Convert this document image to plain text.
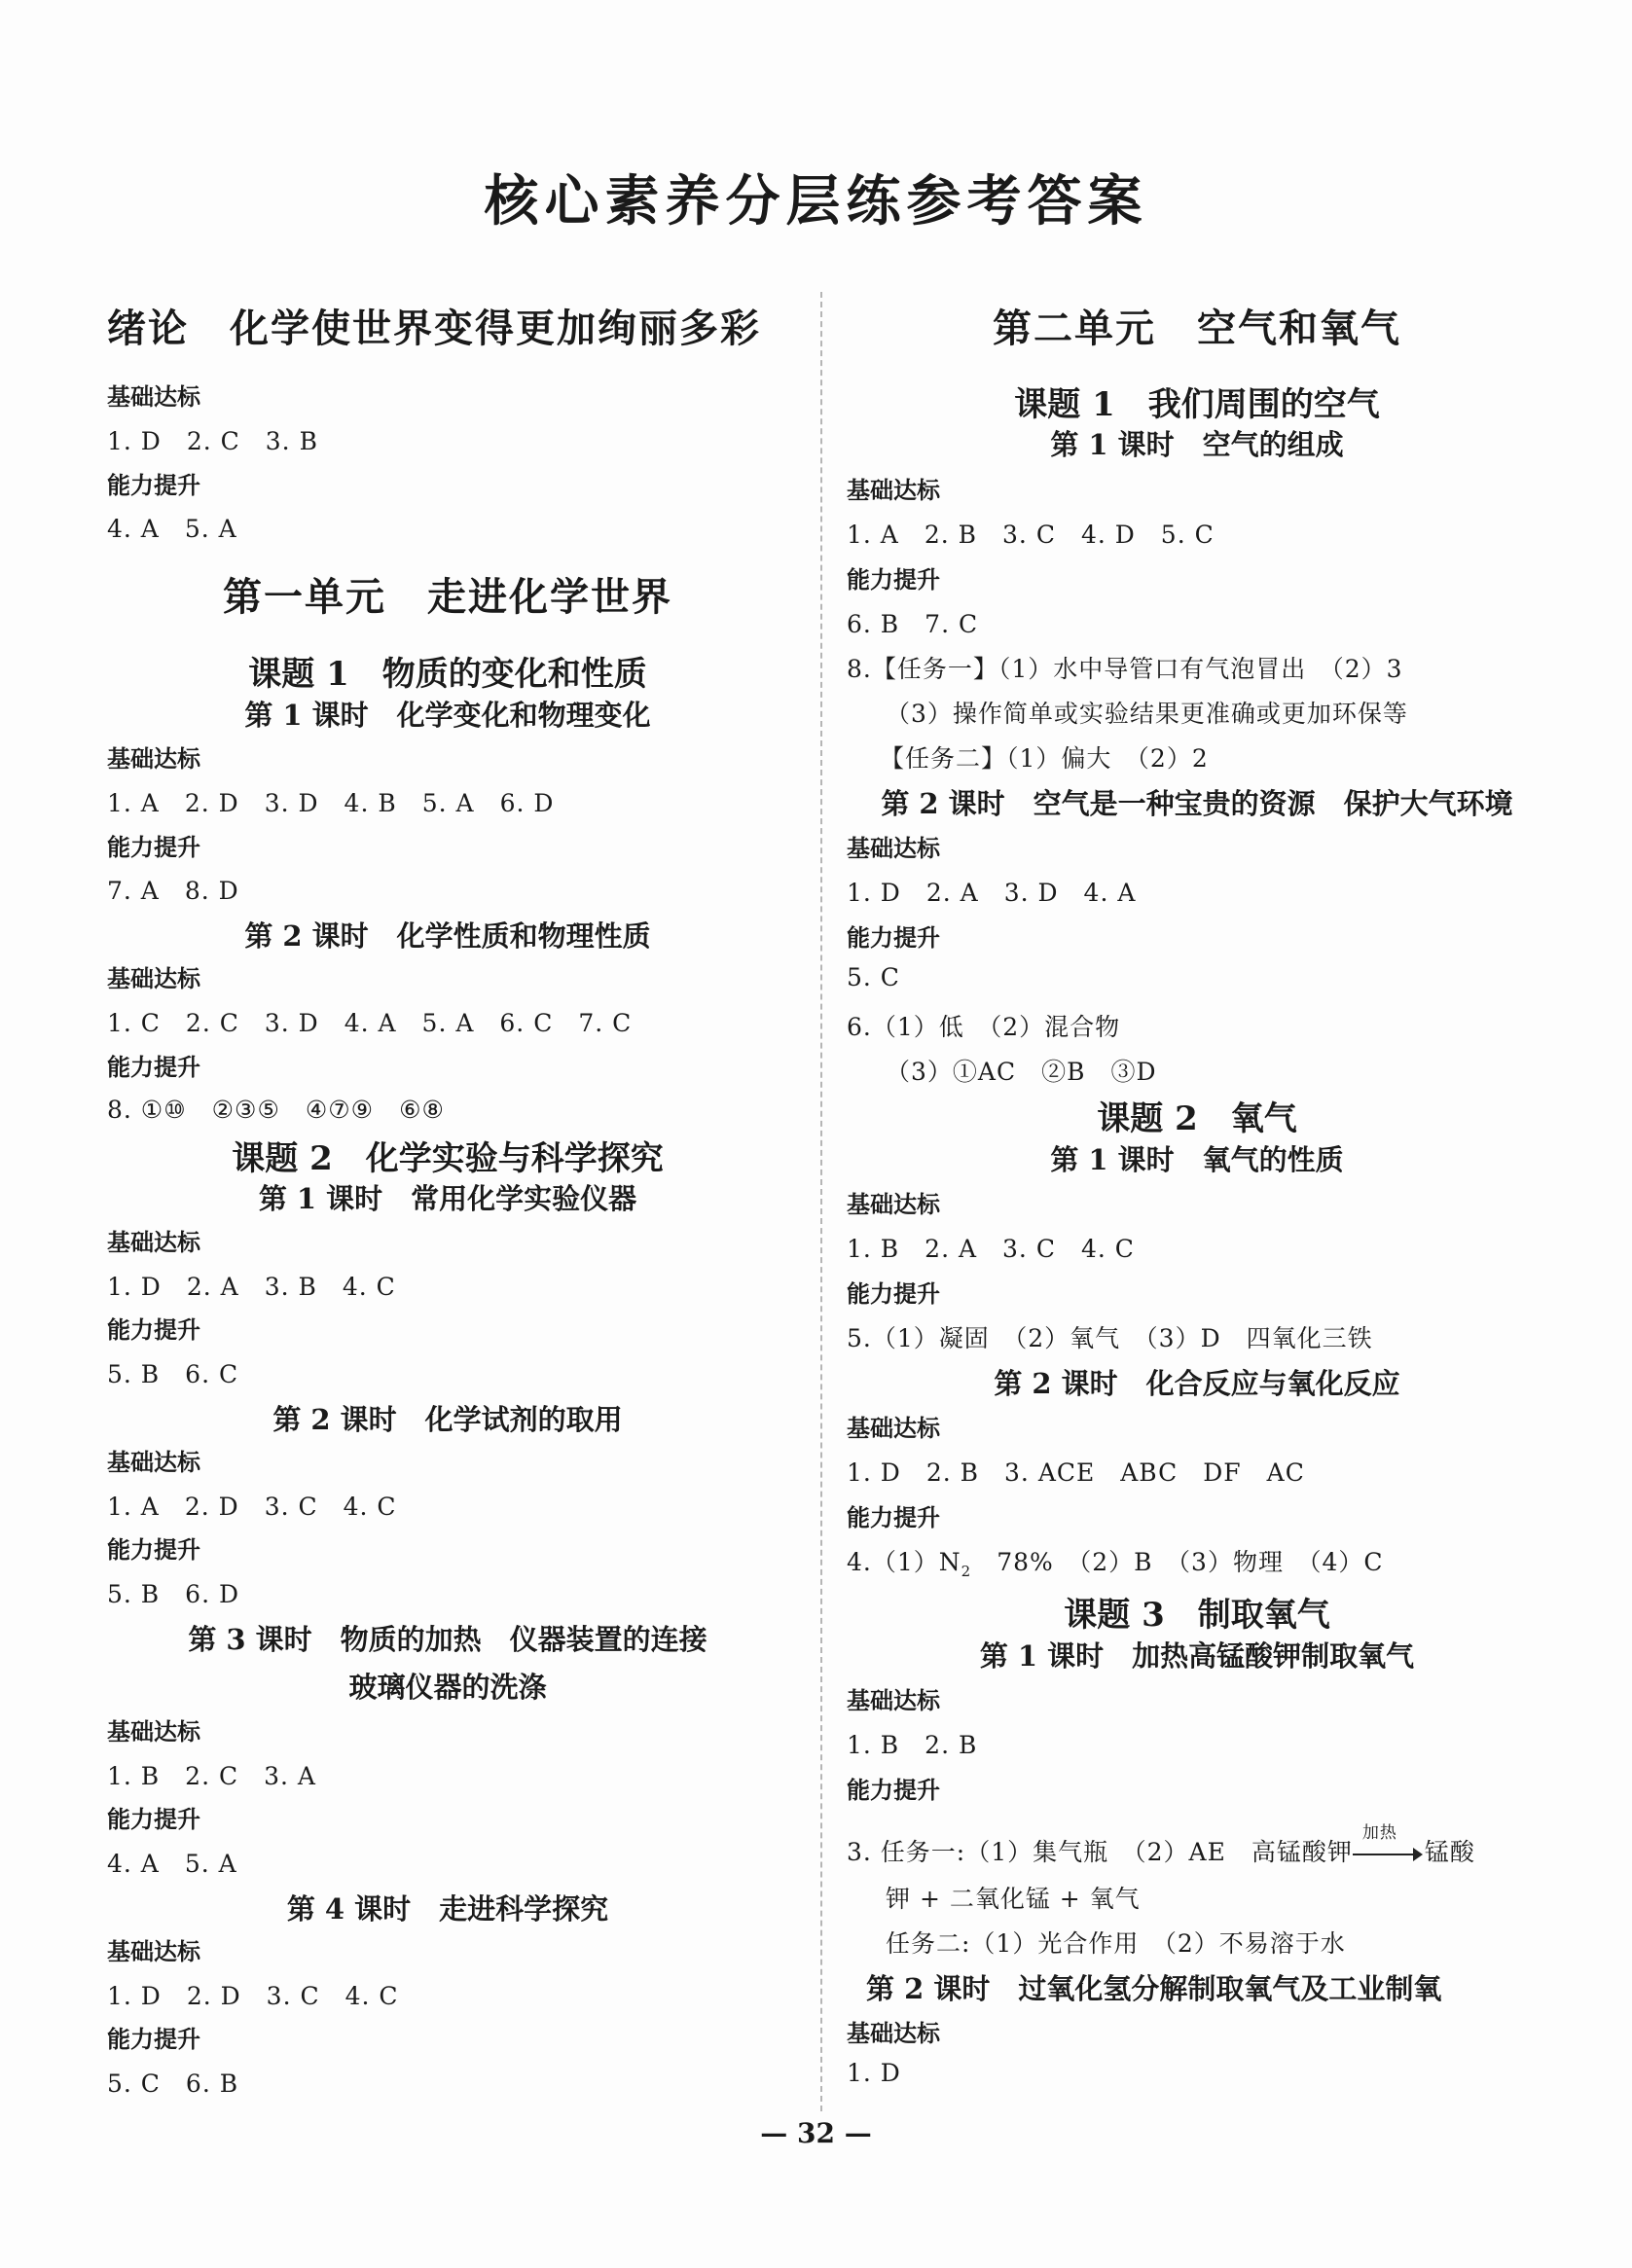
核心素养分层练参考答案
绪论　化学使世界变得更加绚丽多彩
基础达标
1. D　2. C　3. B
能力提升
4. A　5. A
第一单元　走进化学世界
课题 1　物质的变化和性质
第 1 课时　化学变化和物理变化
基础达标
1. A　2. D　3. D　4. B　5. A　6. D
能力提升
7. A　8. D
第 2 课时　化学性质和物理性质
基础达标
1. C　2. C　3. D　4. A　5. A　6. C　7. C
能力提升
8. ①⑩　②③⑤　④⑦⑨　⑥⑧
课题 2　化学实验与科学探究
第 1 课时　常用化学实验仪器
基础达标
1. D　2. A　3. B　4. C
能力提升
5. B　6. C
第 2 课时　化学试剂的取用
基础达标
1. A　2. D　3. C　4. C
能力提升
5. B　6. D
第 3 课时　物质的加热　仪器装置的连接
玻璃仪器的洗涤
基础达标
1. B　2. C　3. A
能力提升
4. A　5. A
第 4 课时　走进科学探究
基础达标
1. D　2. D　3. C　4. C
能力提升
5. C　6. B
第二单元　空气和氧气
课题 1　我们周围的空气
第 1 课时　空气的组成
基础达标
1. A　2. B　3. C　4. D　5. C
能力提升
6. B　7. C
8.【任务一】（1）水中导管口有气泡冒出　（2）3
（3）操作简单或实验结果更准确或更加环保等
【任务二】（1）偏大　（2）2
第 2 课时　空气是一种宝贵的资源　保护大气环境
基础达标
1. D　2. A　3. D　4. A
能力提升
5. C
6.（1）低　（2）混合物
（3）①AC　②B　③D
课题 2　氧气
第 1 课时　氧气的性质
基础达标
1. B　2. A　3. C　4. C
能力提升
5.（1）凝固　（2）氧气　（3）D　四氧化三铁
第 2 课时　化合反应与氧化反应
基础达标
1. D　2. B　3. ACE　ABC　DF　AC
能力提升
$4.(1)N_2$　78%　（2）B　（3）物理　（4）C
课题 3　制取氧气
第 1 课时　加热高锰酸钾制取氧气
基础达标
1. B　2. B
能力提升
3. 任务一:（1）集气瓶　（2）AE　高锰酸钾
加热
锰酸
钾 + 二氧化锰 + 氧气
任务二:（1）光合作用　（2）不易溶于水
第 2 课时　过氧化氢分解制取氧气及工业制氧
基础达标
1. D
— 32 —
